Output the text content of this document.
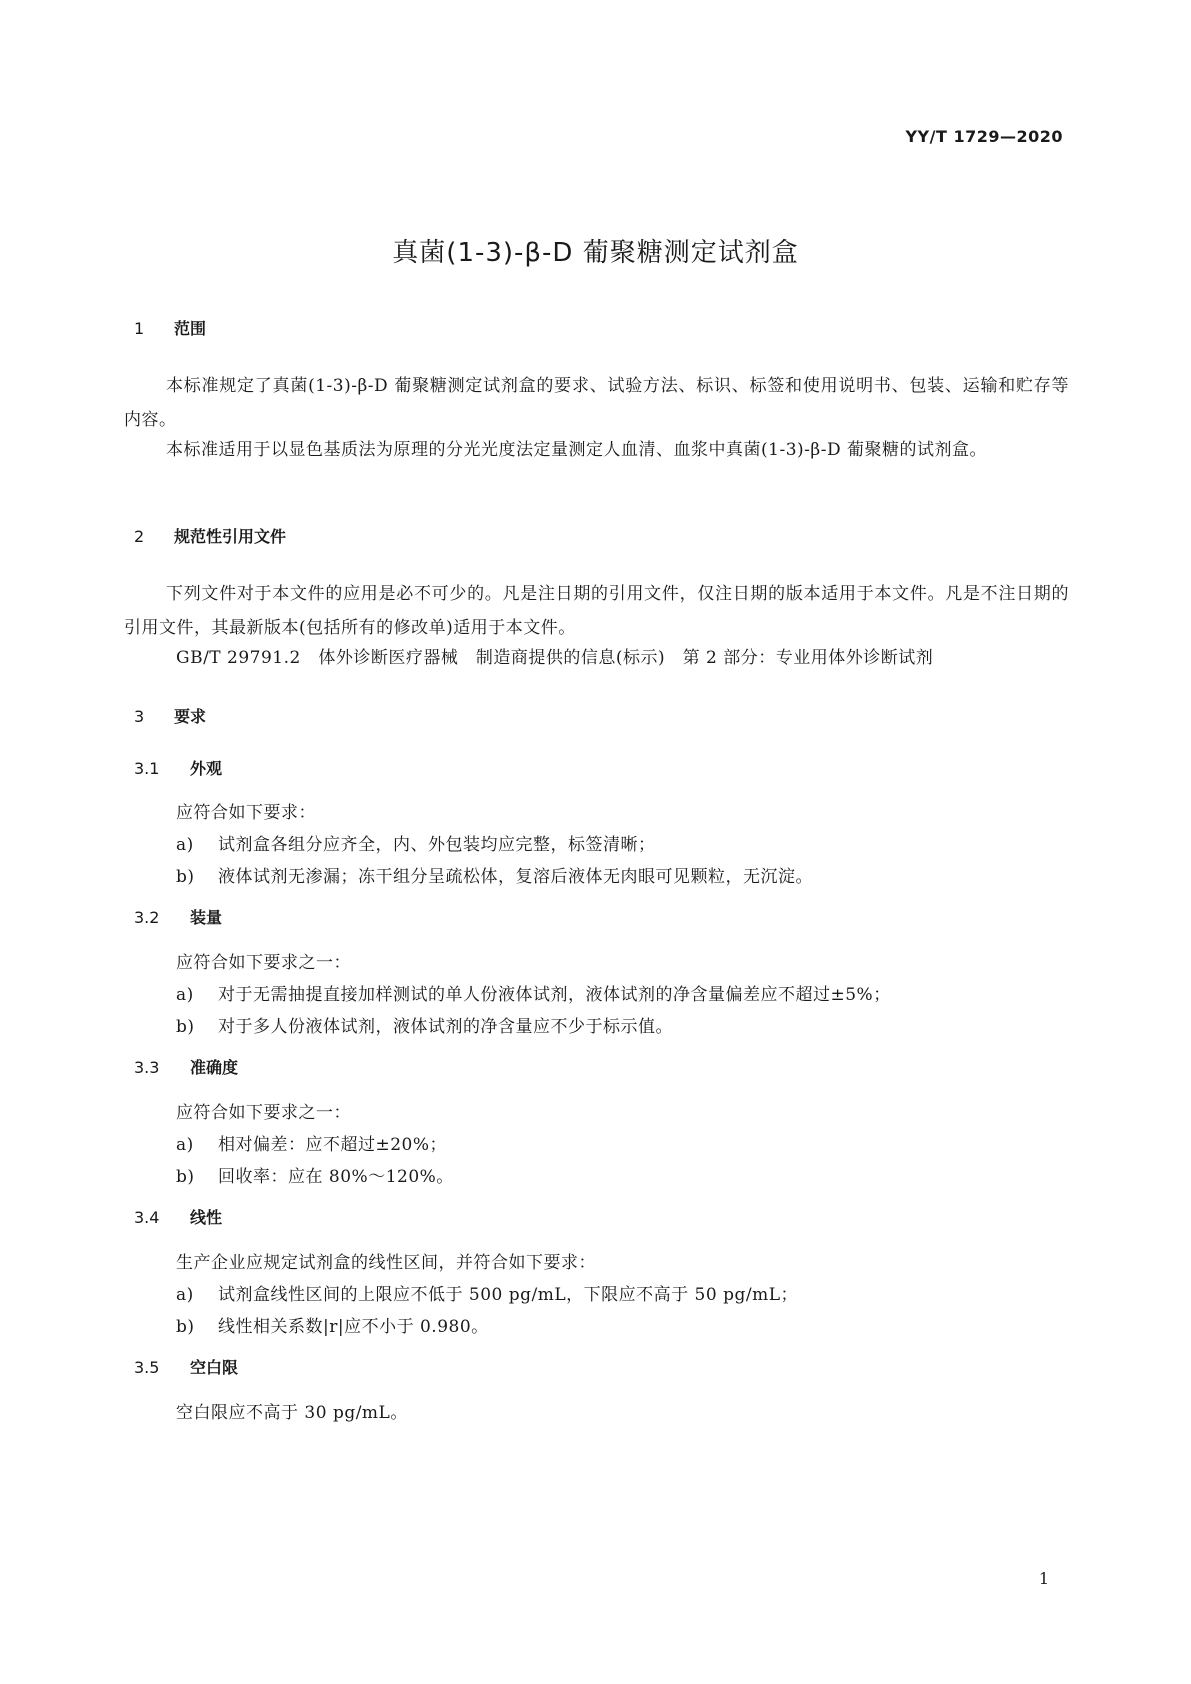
YY/T 1729—2020
真菌(1-3)-β-D 葡聚糖测定试剂盒
1 范围
本标准规定了真菌(1-3)-β-D 葡聚糖测定试剂盒的要求、试验方法、标识、标签和使用说明书、包装、运输和贮存等内容。
本标准适用于以显色基质法为原理的分光光度法定量测定人血清、血浆中真菌(1-3)-β-D 葡聚糖的试剂盒。
2 规范性引用文件
下列文件对于本文件的应用是必不可少的。凡是注日期的引用文件，仅注日期的版本适用于本文件。凡是不注日期的引用文件，其最新版本(包括所有的修改单)适用于本文件。
GB/T 29791.2　体外诊断医疗器械　制造商提供的信息(标示)　第 2 部分：专业用体外诊断试剂
3 要求
3.1 外观
应符合如下要求：
a) 试剂盒各组分应齐全，内、外包装均应完整，标签清晰；
b) 液体试剂无渗漏；冻干组分呈疏松体，复溶后液体无肉眼可见颗粒，无沉淀。
3.2 装量
应符合如下要求之一：
a) 对于无需抽提直接加样测试的单人份液体试剂，液体试剂的净含量偏差应不超过±5%；
b) 对于多人份液体试剂，液体试剂的净含量应不少于标示值。
3.3 准确度
应符合如下要求之一：
a) 相对偏差：应不超过±20%；
b) 回收率：应在 80%～120%。
3.4 线性
生产企业应规定试剂盒的线性区间，并符合如下要求：
a) 试剂盒线性区间的上限应不低于 500 pg/mL，下限应不高于 50 pg/mL；
b) 线性相关系数|r|应不小于 0.980。
3.5 空白限
空白限应不高于 30 pg/mL。
1
